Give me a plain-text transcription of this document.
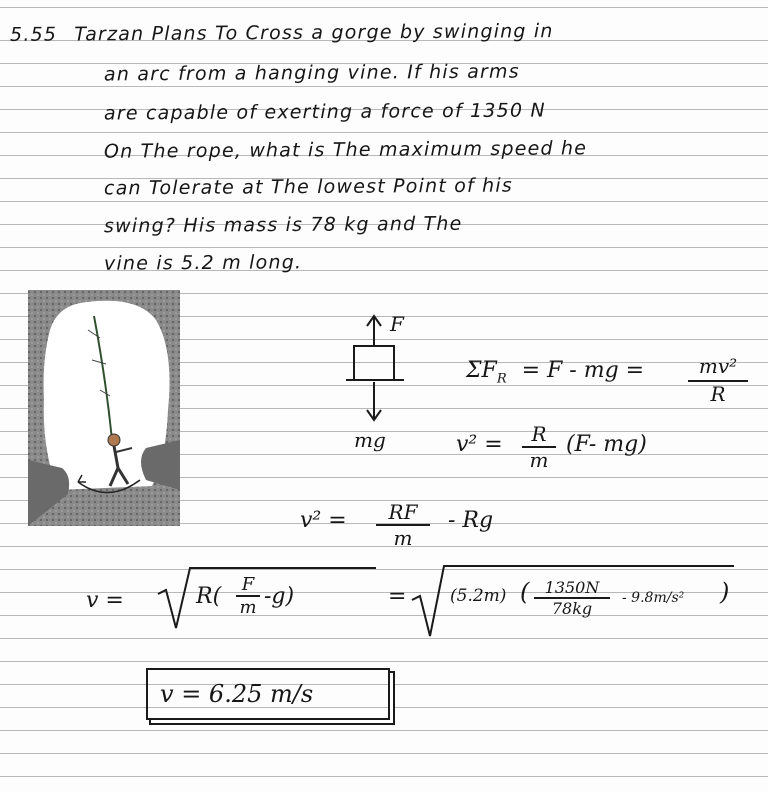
5.55 Tarzan Plans To Cross a gorge by swinging in
an arc from a hanging vine. If his arms
are capable of exerting a force of 1350 N
On The rope, what is The maximum speed he
can Tolerate at The lowest Point of his
swing? His mass is 78 kg and The
vine is 5.2 m long.
F
mg
$\Sigma F_R = F$ - mg = $\frac{\text{mv²}}{R}$
$v^2 = \frac{R}{m} (F-$ mg)
$v^2 = \frac{RF}{m} - Rg$
v =	$R( \frac{F}{m} -g)$	=	(5.2m) ( $\frac{1350N}{78kg} - 9.8m/s^2$ )
v = 6.25 m/s
